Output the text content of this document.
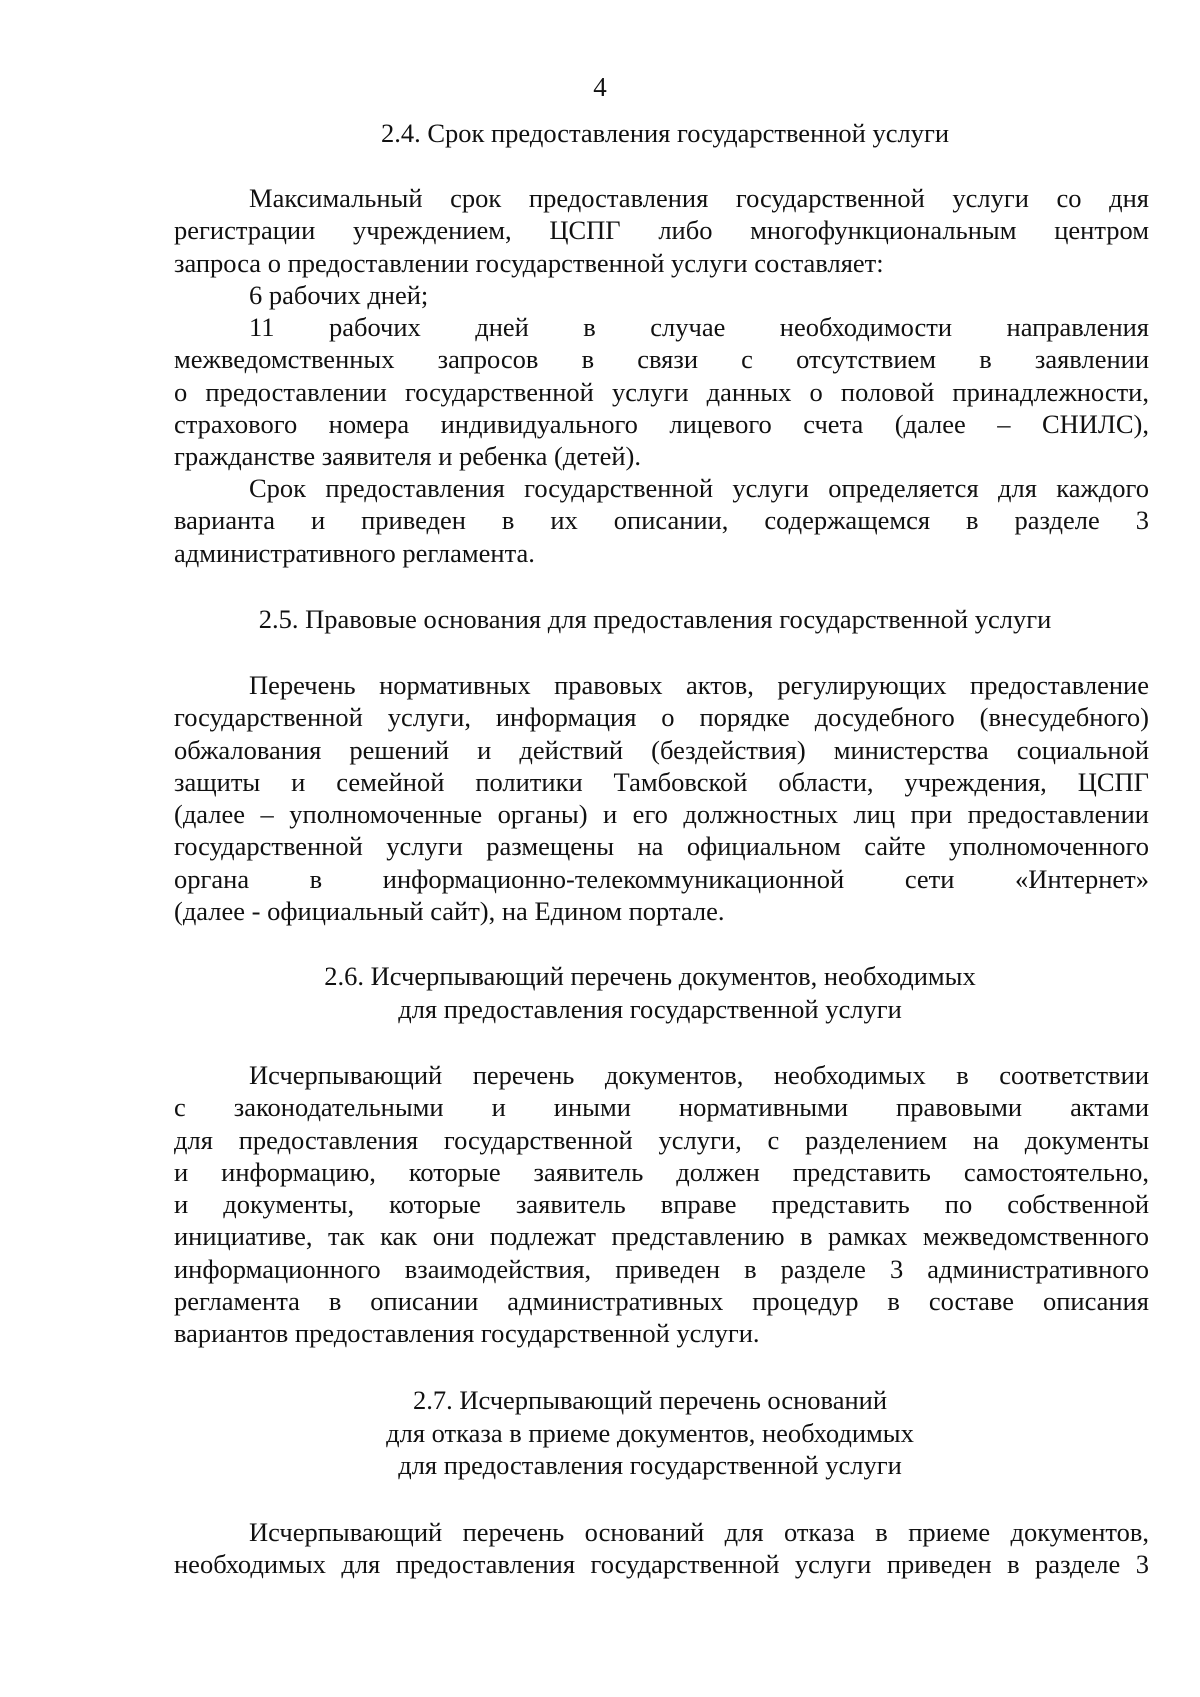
4
2.4. Срок предоставления государственной услуги
Максимальный срок предоставления государственной услуги со дня
регистрации учреждением, ЦСПГ либо многофункциональным центром
запроса о предоставлении государственной услуги составляет:
6 рабочих дней;
11 рабочих дней в случае необходимости направления
межведомственных запросов в связи с отсутствием в заявлении
о предоставлении государственной услуги данных о половой принадлежности,
страхового номера индивидуального лицевого счета (далее – СНИЛС),
гражданстве заявителя и ребенка (детей).
Срок предоставления государственной услуги определяется для каждого
варианта и приведен в их описании, содержащемся в разделе 3
административного регламента.
2.5. Правовые основания для предоставления государственной услуги
Перечень нормативных правовых актов, регулирующих предоставление
государственной услуги, информация о порядке досудебного (внесудебного)
обжалования решений и действий (бездействия) министерства социальной
защиты и семейной политики Тамбовской области, учреждения, ЦСПГ
(далее – уполномоченные органы) и его должностных лиц при предоставлении
государственной услуги размещены на официальном сайте уполномоченного
органа в информационно-телекоммуникационной сети «Интернет»
(далее - официальный сайт), на Едином портале.
2.6. Исчерпывающий перечень документов, необходимых
для предоставления государственной услуги
Исчерпывающий перечень документов, необходимых в соответствии
с законодательными и иными нормативными правовыми актами
для предоставления государственной услуги, с разделением на документы
и информацию, которые заявитель должен представить самостоятельно,
и документы, которые заявитель вправе представить по собственной
инициативе, так как они подлежат представлению в рамках межведомственного
информационного взаимодействия, приведен в разделе 3 административного
регламента в описании административных процедур в составе описания
вариантов предоставления государственной услуги.
2.7. Исчерпывающий перечень оснований
для отказа в приеме документов, необходимых
для предоставления государственной услуги
Исчерпывающий перечень оснований для отказа в приеме документов,
необходимых для предоставления государственной услуги приведен в разделе 3
